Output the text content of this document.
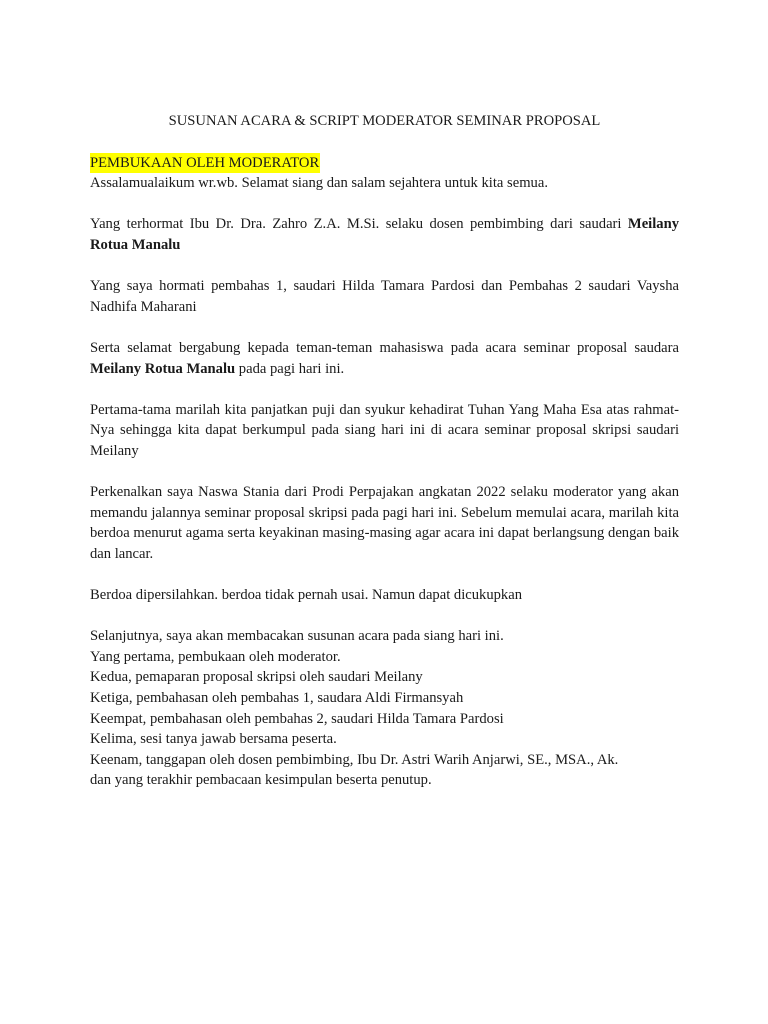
SUSUNAN ACARA & SCRIPT MODERATOR SEMINAR PROPOSAL
PEMBUKAAN OLEH MODERATOR

Assalamualaikum wr.wb. Selamat siang dan salam sejahtera untuk kita semua.

Yang terhormat Ibu Dr. Dra. Zahro Z.A. M.Si. selaku dosen pembimbing dari saudari Meilany Rotua Manalu

Yang saya hormati pembahas 1, saudari Hilda Tamara Pardosi dan Pembahas 2 saudari Vaysha Nadhifa Maharani

Serta selamat bergabung kepada teman-teman mahasiswa pada acara seminar proposal saudara Meilany Rotua Manalu pada pagi hari ini.

Pertama-tama marilah kita panjatkan puji dan syukur kehadirat Tuhan Yang Maha Esa atas rahmat-Nya sehingga kita dapat berkumpul pada siang hari ini di acara seminar proposal skripsi saudari Meilany

Perkenalkan saya Naswa Stania dari Prodi Perpajakan angkatan 2022 selaku moderator yang akan memandu jalannya seminar proposal skripsi pada pagi hari ini. Sebelum memulai acara, marilah kita berdoa menurut agama serta keyakinan masing-masing agar acara ini dapat berlangsung dengan baik dan lancar.

Berdoa dipersilahkan. berdoa tidak pernah usai. Namun dapat dicukupkan

Selanjutnya, saya akan membacakan susunan acara pada siang hari ini.

Yang pertama, pembukaan oleh moderator.

Kedua, pemaparan proposal skripsi oleh saudari Meilany

Ketiga, pembahasan oleh pembahas 1, saudara Aldi Firmansyah

Keempat, pembahasan oleh pembahas 2, saudari Hilda Tamara Pardosi

Kelima, sesi tanya jawab bersama peserta.

Keenam, tanggapan oleh dosen pembimbing, Ibu Dr. Astri Warih Anjarwi, SE., MSA., Ak.

dan yang terakhir pembacaan kesimpulan beserta penutup.
